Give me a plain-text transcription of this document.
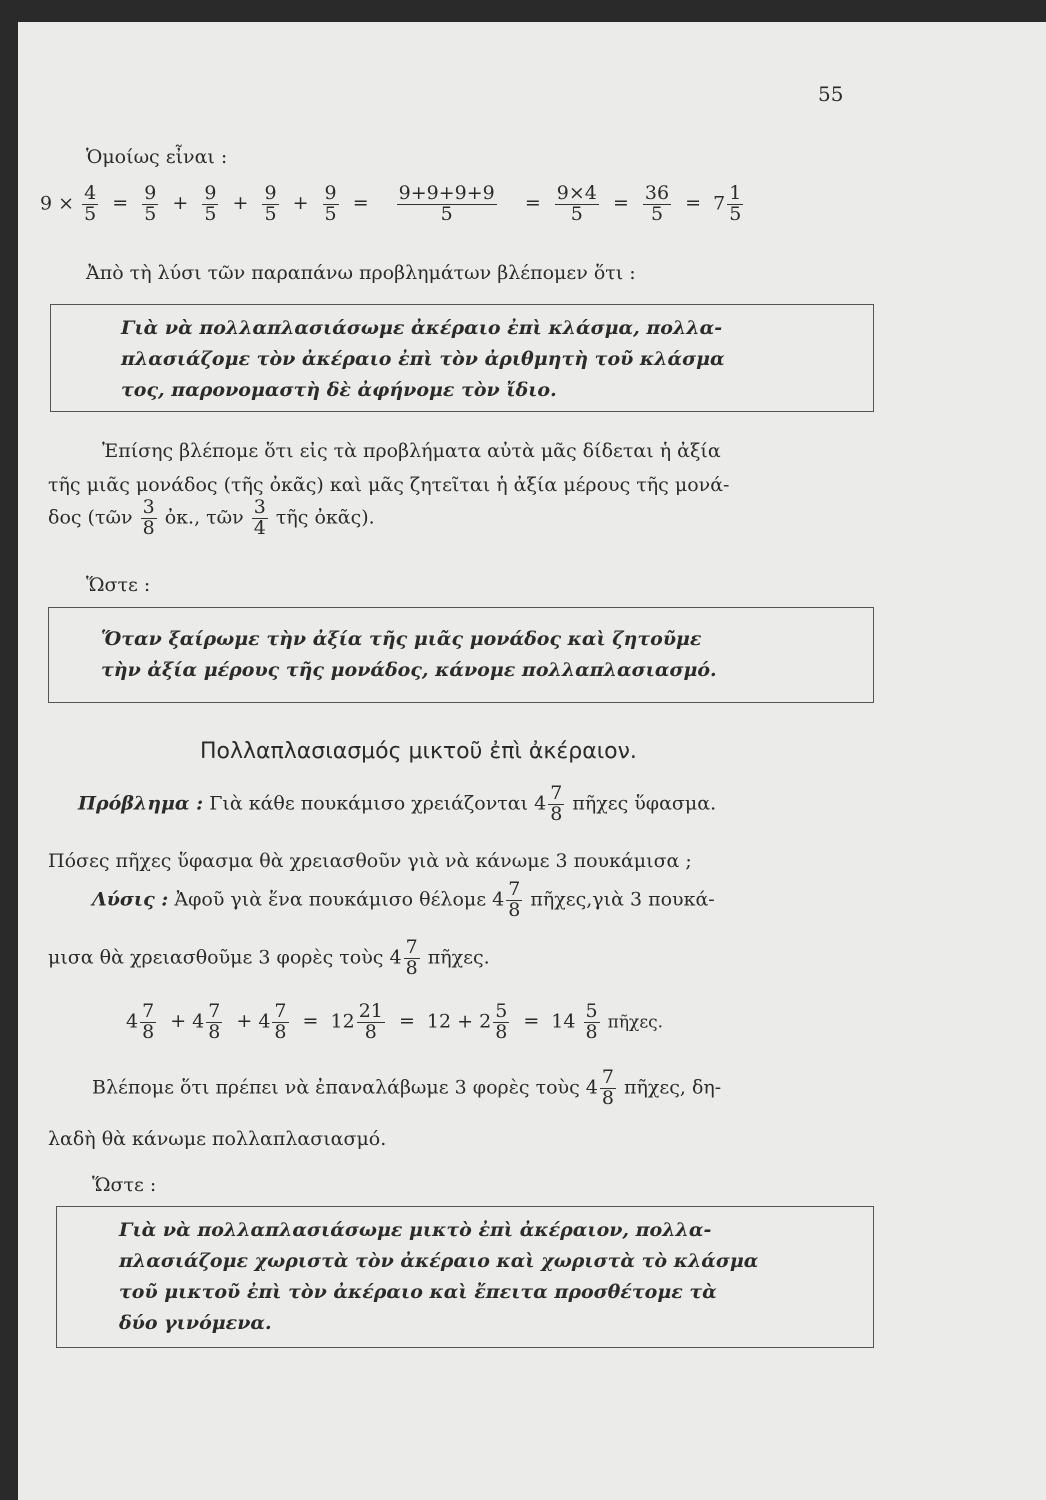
55
Ὁμοίως εἶναι :
$9 \times \frac{4}{5} = \frac{9}{5} + \frac{9}{5} + \frac{9}{5} + \frac{9}{5} = \frac{9+9+9+9}{5} = \frac{9\times 4}{5} = \frac{36}{5} = 7 \frac{1}{5}$
Ἀπὸ τὴ λύσι τῶν παραπάνω προβλημάτων βλέπομεν ὅτι :

Γιὰ νὰ πολλαπλασιάσωμε ἀκέραιο ἐπὶ κλάσμα, πολλα-

πλασιάζομε τὸν ἀκέραιο ἐπὶ τὸν ἀριθμητὴ τοῦ κλάσμα

τος, παρονομαστὴ δὲ ἀφήνομε τὸν ἴδιο.

Ἐπίσης βλέπομε ὅτι εἰς τὰ προβλήματα αὐτὰ μᾶς δίδεται ἡ ἀξία
τῆς μιᾶς μονάδος (τῆς ὀκᾶς) καὶ μᾶς ζητεῖται ἡ ἀξία μέρους τῆς μονά-
δος (τῶν $\frac{3}{8}$ ὀκ., τῶν $\frac{3}{4}$ τῆς ὀκᾶς).
Ὥστε :

Ὅταν ξαίρωμε τὴν ἀξία τῆς μιᾶς μονάδος καὶ ζητοῦμε

τὴν ἀξία μέρους τῆς μονάδος, κάνομε πολλαπλασιασμό.

Πολλαπλασιασμός μικτοῦ ἐπὶ ἀκέραιον.
Πρόβλημα : Γιὰ κάθε πουκάμισο χρειάζονται $4 \frac{7}{8}$ πῆχες ὕφασμα.
Πόσες πῆχες ὕφασμα θὰ χρειασθοῦν γιὰ νὰ κάνωμε 3 πουκάμισα ;
Λύσις : Ἀφοῦ γιὰ ἕνα πουκάμισο θέλομε $4 \frac{7}{8}$ πῆχες,γιὰ 3 πουκά-
μισα θὰ χρειασθοῦμε 3 φορὲς τοὺς $4 \frac{7}{8}$ πῆχες.
$4 \frac{7}{8} + 4 \frac{7}{8} + 4 \frac{7}{8} = 12 \frac{21}{8} = 12 + 2 \frac{5}{8} = 14 \frac{5}{8}$ πῆχες.
Βλέπομε ὅτι πρέπει νὰ ἐπαναλάβωμε 3 φορὲς τοὺς $4 \frac{7}{8}$ πῆχες, δη-
λαδὴ θὰ κάνωμε πολλαπλασιασμό.
Ὥστε :

Γιὰ νὰ πολλαπλασιάσωμε μικτὸ ἐπὶ ἀκέραιον, πολλα-

πλασιάζομε χωριστὰ τὸν ἀκέραιο καὶ χωριστὰ τὸ κλάσμα

τοῦ μικτοῦ ἐπὶ τὸν ἀκέραιο καὶ ἔπειτα προσθέτομε τὰ

δύο γινόμενα.
